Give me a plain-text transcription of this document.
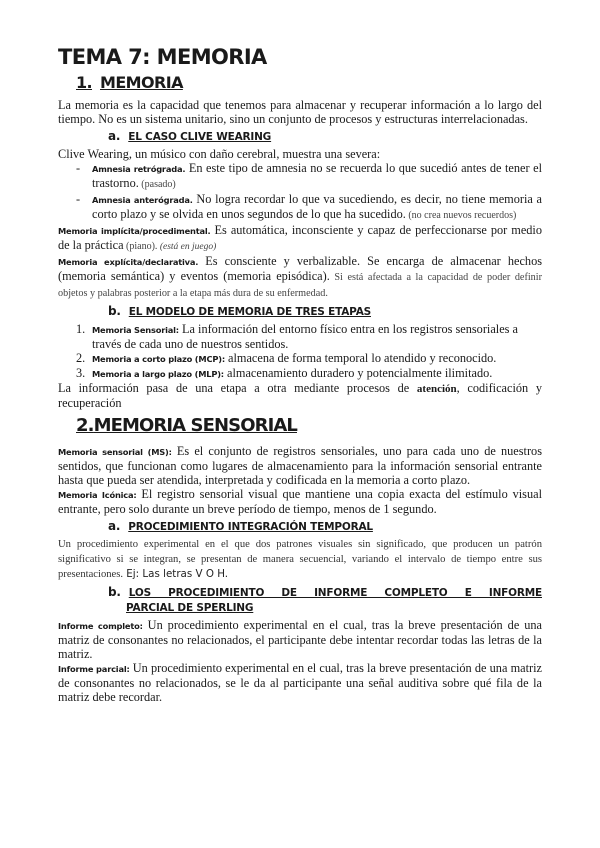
TEMA 7: MEMORIA
1. MEMORIA

La memoria es la capacidad que tenemos para almacenar y recuperar información a lo largo del tiempo. No es un sistema unitario, sino un conjunto de procesos y estructuras interrelacionadas.

a. EL CASO CLIVE WEARING

Clive Wearing, un músico con daño cerebral, muestra una severa:

- Amnesia retrógrada. En este tipo de amnesia no se recuerda lo que sucedió antes de tener el trastorno. (pasado)
- Amnesia anterógrada. No logra recordar lo que va sucediendo, es decir, no tiene memoria a corto plazo y se olvida en unos segundos de lo que ha sucedido. (no crea nuevos recuerdos)

Memoria implícita/procedimental. Es automática, inconsciente y capaz de perfeccionarse por medio de la práctica (piano). (está en juego)

Memoria explícita/declarativa. Es consciente y verbalizable. Se encarga de almacenar hechos (memoria semántica) y eventos (memoria episódica). Si está afectada a la capacidad de poder definir objetos y palabras posterior a la etapa más dura de su enfermedad.

b. EL MODELO DE MEMORIA DE TRES ETAPAS
1. Memoria Sensorial: La información del entorno físico entra en los registros sensoriales a través de cada uno de nuestros sentidos.
2. Memoria a corto plazo (MCP): almacena de forma temporal lo atendido y reconocido.
3. Memoria a largo plazo (MLP): almacenamiento duradero y potencialmente ilimitado.

La información pasa de una etapa a otra mediante procesos de atención, codificación y recuperación

2.MEMORIA SENSORIAL

Memoria sensorial (MS): Es el conjunto de registros sensoriales, uno para cada uno de nuestros sentidos, que funcionan como lugares de almacenamiento para la información sensorial entrante hasta que pueda ser atendida, interpretada y codificada en la memoria a corto plazo.

Memoria Icónica: El registro sensorial visual que mantiene una copia exacta del estímulo visual entrante, pero solo durante un breve período de tiempo, menos de 1 segundo.

a. PROCEDIMIENTO INTEGRACIÓN TEMPORAL

Un procedimiento experimental en el que dos patrones visuales sin significado, que producen un patrón significativo si se integran, se presentan de manera secuencial, variando el intervalo de tiempo entre sus presentaciones. Ej: Las letras V O H.

b. LOS PROCEDIMIENTO DE INFORME COMPLETO E INFORME
PARCIAL DE SPERLING

Informe completo: Un procedimiento experimental en el cual, tras la breve presentación de una matriz de consonantes no relacionados, el participante debe intentar recordar todas las letras de la matriz.

Informe parcial: Un procedimiento experimental en el cual, tras la breve presentación de una matriz de consonantes no relacionados, se le da al participante una señal auditiva sobre qué fila de la matriz debe recordar.
